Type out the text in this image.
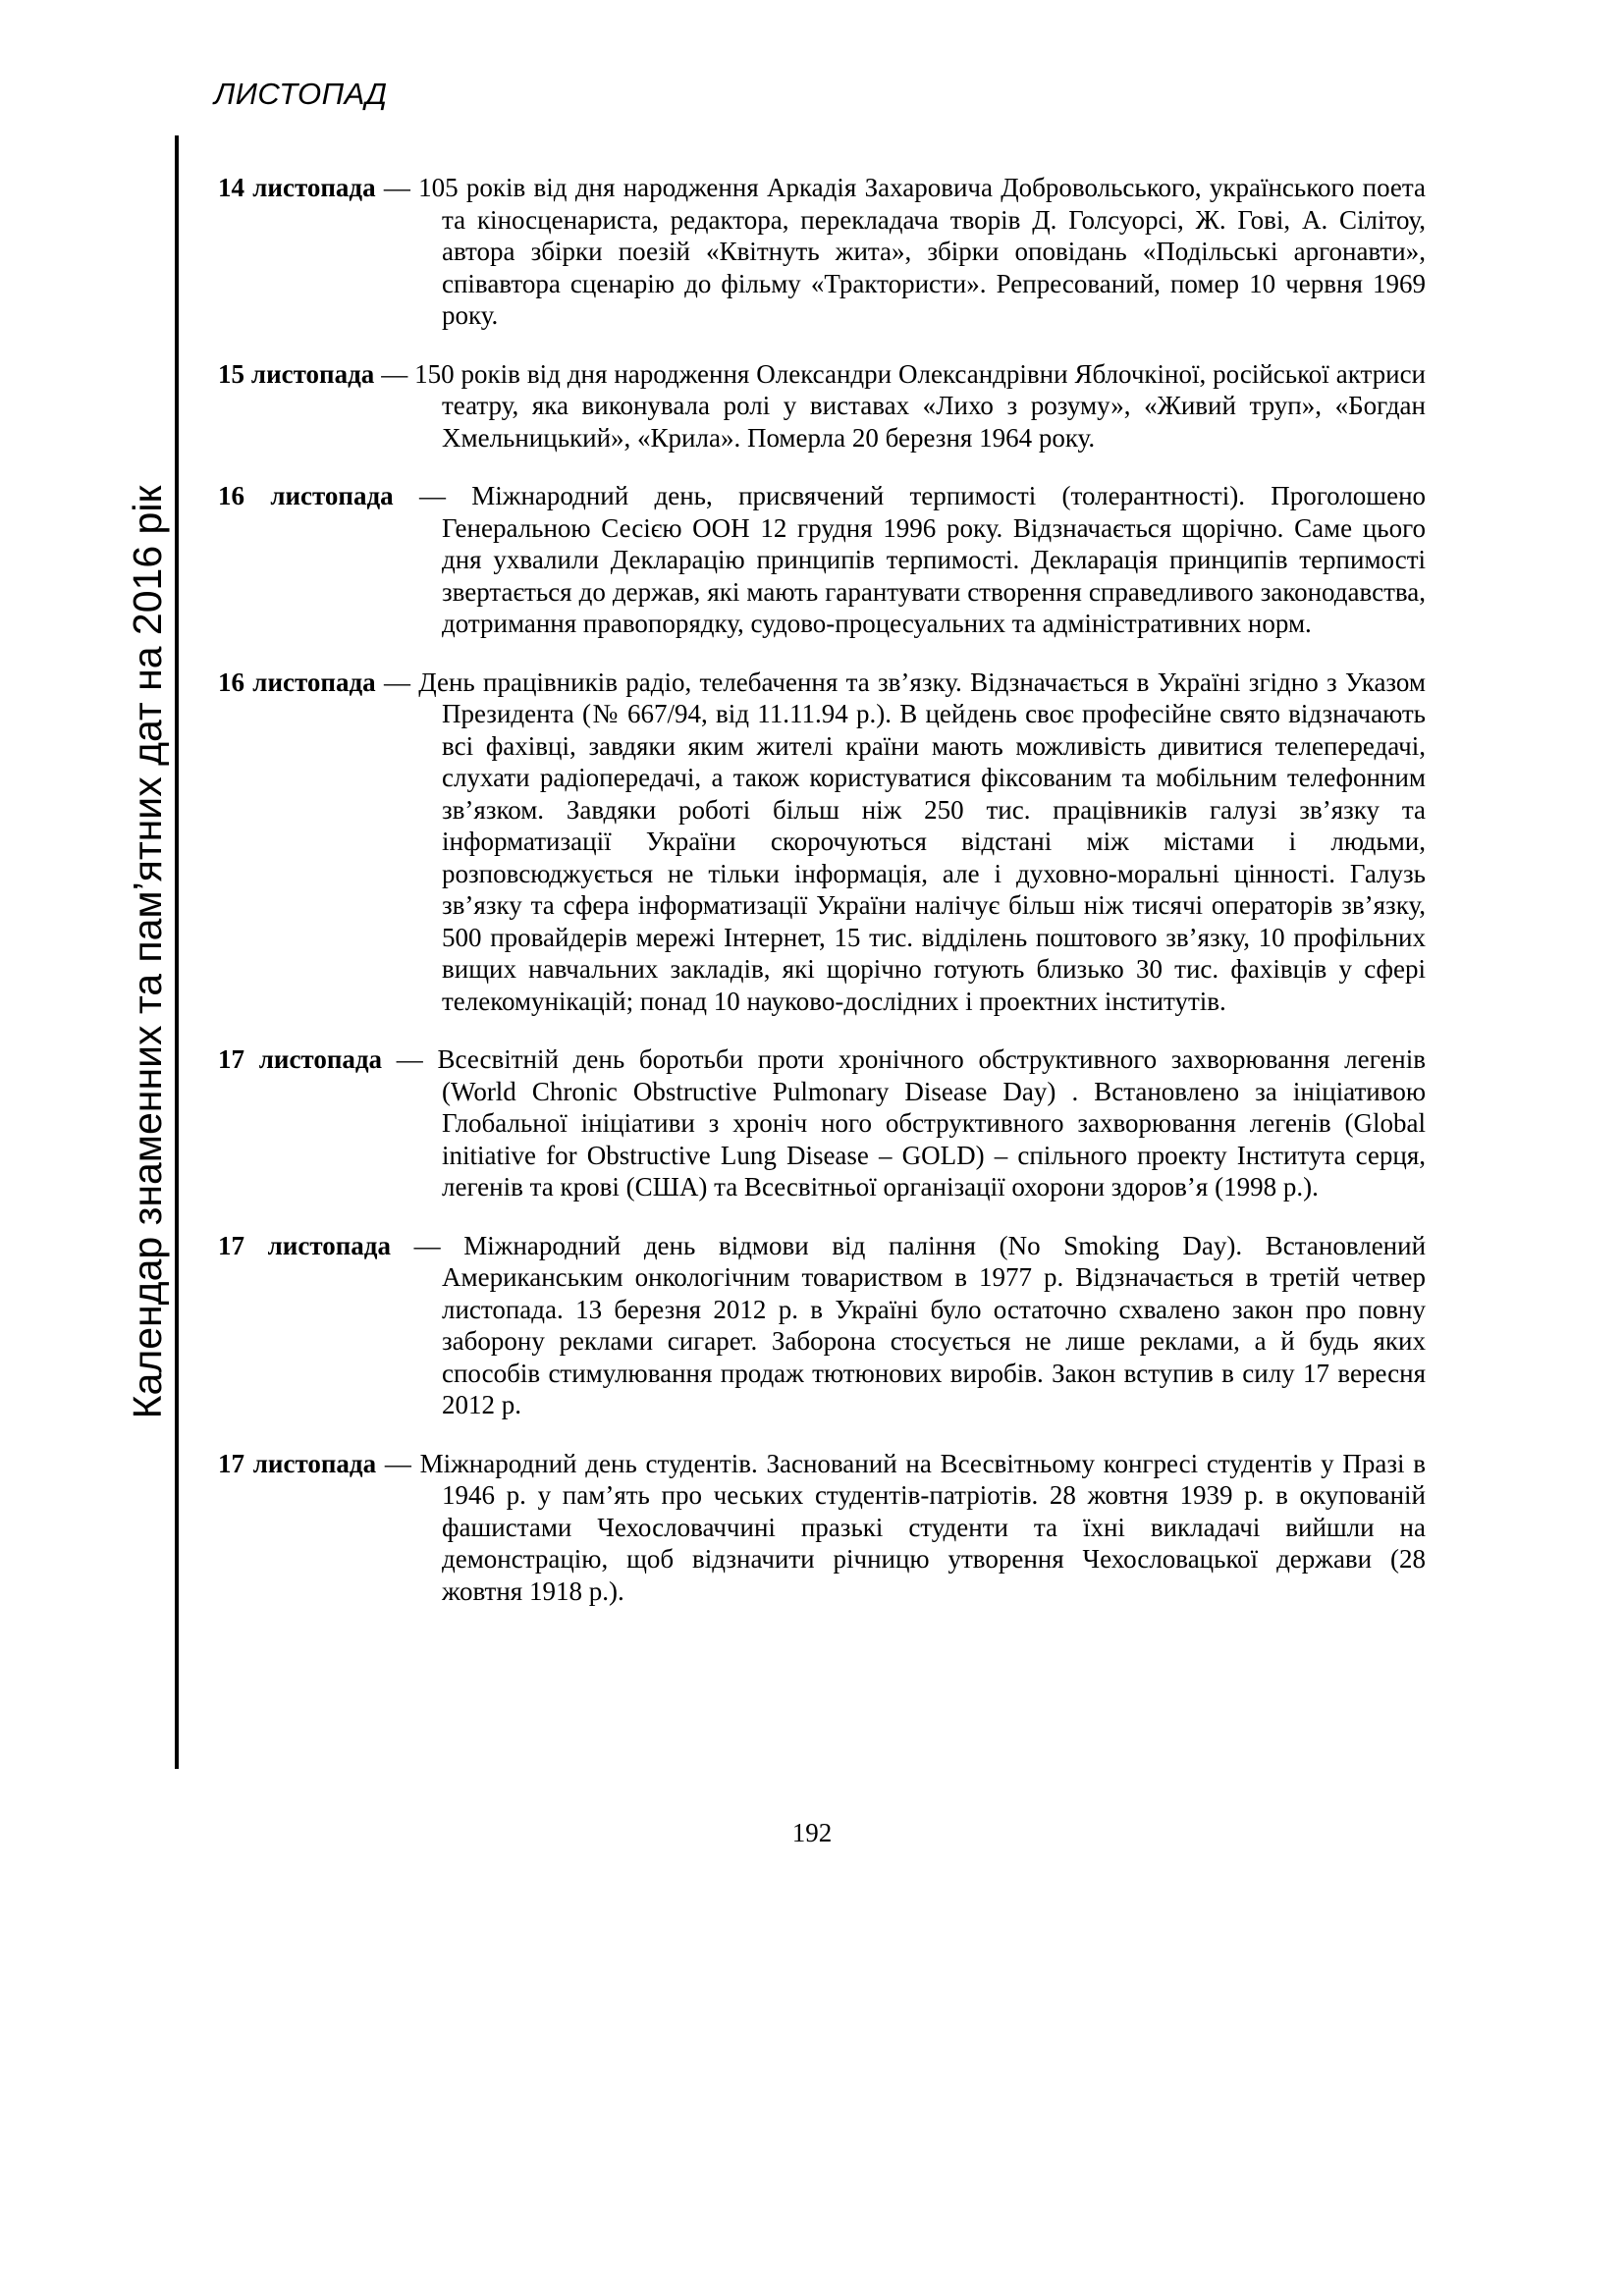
ЛИСТОПАД
Календар знаменних та пам’ятних дат на 2016 рік

14 листопада — 105 років від дня народження Аркадія Захаровича Добровольського, українського поета та кіносценариста, редактора, перекладача творів Д. Голсуорсі, Ж. Гові, А. Сілітоу, автора збірки поезій «Квітнуть жита», збірки оповідань «Подільські аргонавти», співавтора сценарію до фільму «Трактористи». Репресований, помер 10 червня 1969 року.

15 листопада — 150 років від дня народження Олександри Олександрівни Яблочкіної, російської актриси театру, яка виконувала ролі у виставах «Лихо з розуму», «Живий труп», «Богдан Хмельницький», «Крила». Померла 20 березня 1964 року.

16 листопада — Міжнародний день, присвячений терпимості (толерантності). Проголошено Генеральною Сесією ООН 12 грудня 1996 року. Відзначається щорічно. Саме цього дня ухвалили Декларацію принципів терпимості. Декларація принципів терпимості звертається до держав, які мають гарантувати створення справедливого законодавства, дотримання правопорядку, судово-процесуальних та адміністративних норм.

16 листопада — День працівників радіо, телебачення та зв’язку. Відзначається в Україні згідно з Указом Президента (№ 667/94, від 11.11.94 р.). В цейдень своє професійне свято відзначають всі фахівці, завдяки яким жителі країни мають можливість дивитися телепередачі, слухати радіопередачі, а також користуватися фіксованим та мобільним телефонним зв’язком. Завдяки роботі більш ніж 250 тис. працівників галузі зв’язку та інформатизації України скорочуються відстані між містами і людьми, розповсюджується не тільки інформація, але і духовно-моральні цінності. Галузь зв’язку та сфера інформатизації України налічує більш ніж тисячі операторів зв’язку, 500 провайдерів мережі Інтернет, 15 тис. відділень поштового зв’язку, 10 профільних вищих навчальних закладів, які щорічно готують близько 30 тис. фахівців у сфері телекомунікацій; понад 10 науково-дослідних і проектних інститутів.

17 листопада — Всесвітній день боротьби проти хронічного обструктивного захворювання легенів (World Chronic Obstructive Pulmonary Disease Day) . Встановлено за ініціативою Глобальної ініціативи з хроніч ного обструктивного захворювання легенів (Global initiative for Obstructive Lung Disease – GOLD) – спільного проекту Інститута серця, легенів та крові (США) та Всесвітньої організації охорони здоров’я (1998 р.).

17 листопада — Міжнародний день відмови від паління (No Smoking Day). Встановлений Американським онкологічним товариством в 1977 р. Відзначається в третій четвер листопада. 13 березня 2012 р. в Україні було остаточно схвалено закон про повну заборону реклами сигарет. Заборона стосується не лише реклами, а й будь яких способів стимулювання продаж тютюнових виробів. Закон вступив в силу 17 вересня 2012 р.

17 листопада — Міжнародний день студентів. Заснований на Всесвітньому конгресі студентів у Празі в 1946 р. у пам’ять про чеських студентів-патріотів. 28 жовтня 1939 р. в окупованій фашистами Чехословаччині празькі студенти та їхні викладачі вийшли на демонстрацію, щоб відзначити річницю утворення Чехословацької держави (28 жовтня 1918 р.).

192
